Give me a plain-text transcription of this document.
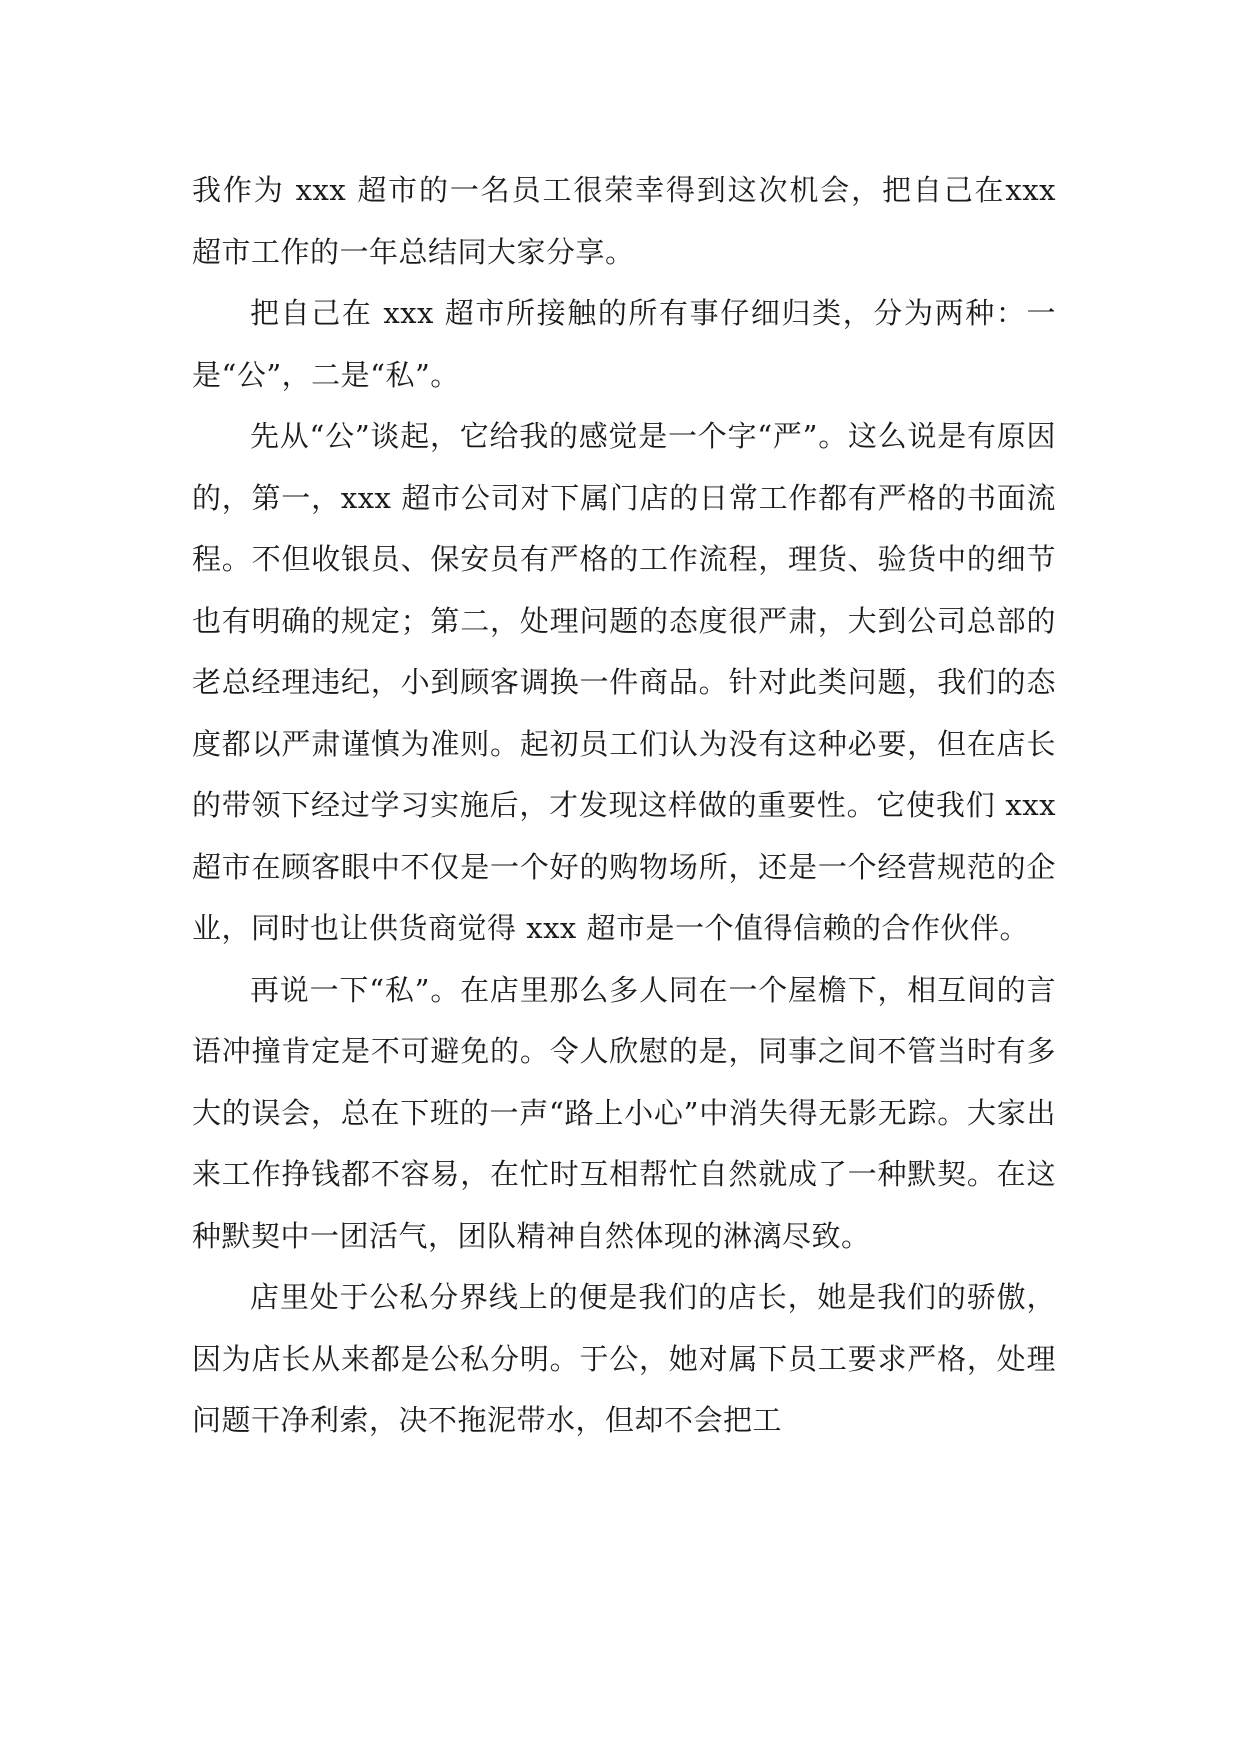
我作为 xxx 超市的一名员工很荣幸得到这次机会，把自己在xxx 超市工作的一年总结同大家分享。

把自己在 xxx 超市所接触的所有事仔细归类，分为两种：一是“公”，二是“私”。

先从“公”谈起，它给我的感觉是一个字“严”。这么说是有原因的，第一，xxx 超市公司对下属门店的日常工作都有严格的书面流程。不但收银员、保安员有严格的工作流程，理货、验货中的细节也有明确的规定；第二，处理问题的态度很严肃，大到公司总部的老总经理违纪，小到顾客调换一件商品。针对此类问题，我们的态度都以严肃谨慎为准则。起初员工们认为没有这种必要，但在店长的带领下经过学习实施后，才发现这样做的重要性。它使我们 xxx 超市在顾客眼中不仅是一个好的购物场所，还是一个经营规范的企业，同时也让供货商觉得 xxx 超市是一个值得信赖的合作伙伴。

再说一下“私”。在店里那么多人同在一个屋檐下，相互间的言语冲撞肯定是不可避免的。令人欣慰的是，同事之间不管当时有多大的误会，总在下班的一声“路上小心”中消失得无影无踪。大家出来工作挣钱都不容易，在忙时互相帮忙自然就成了一种默契。在这种默契中一团活气，团队精神自然体现的淋漓尽致。

店里处于公私分界线上的便是我们的店长，她是我们的骄傲，因为店长从来都是公私分明。于公，她对属下员工要求严格，处理问题干净利索，决不拖泥带水，但却不会把工
